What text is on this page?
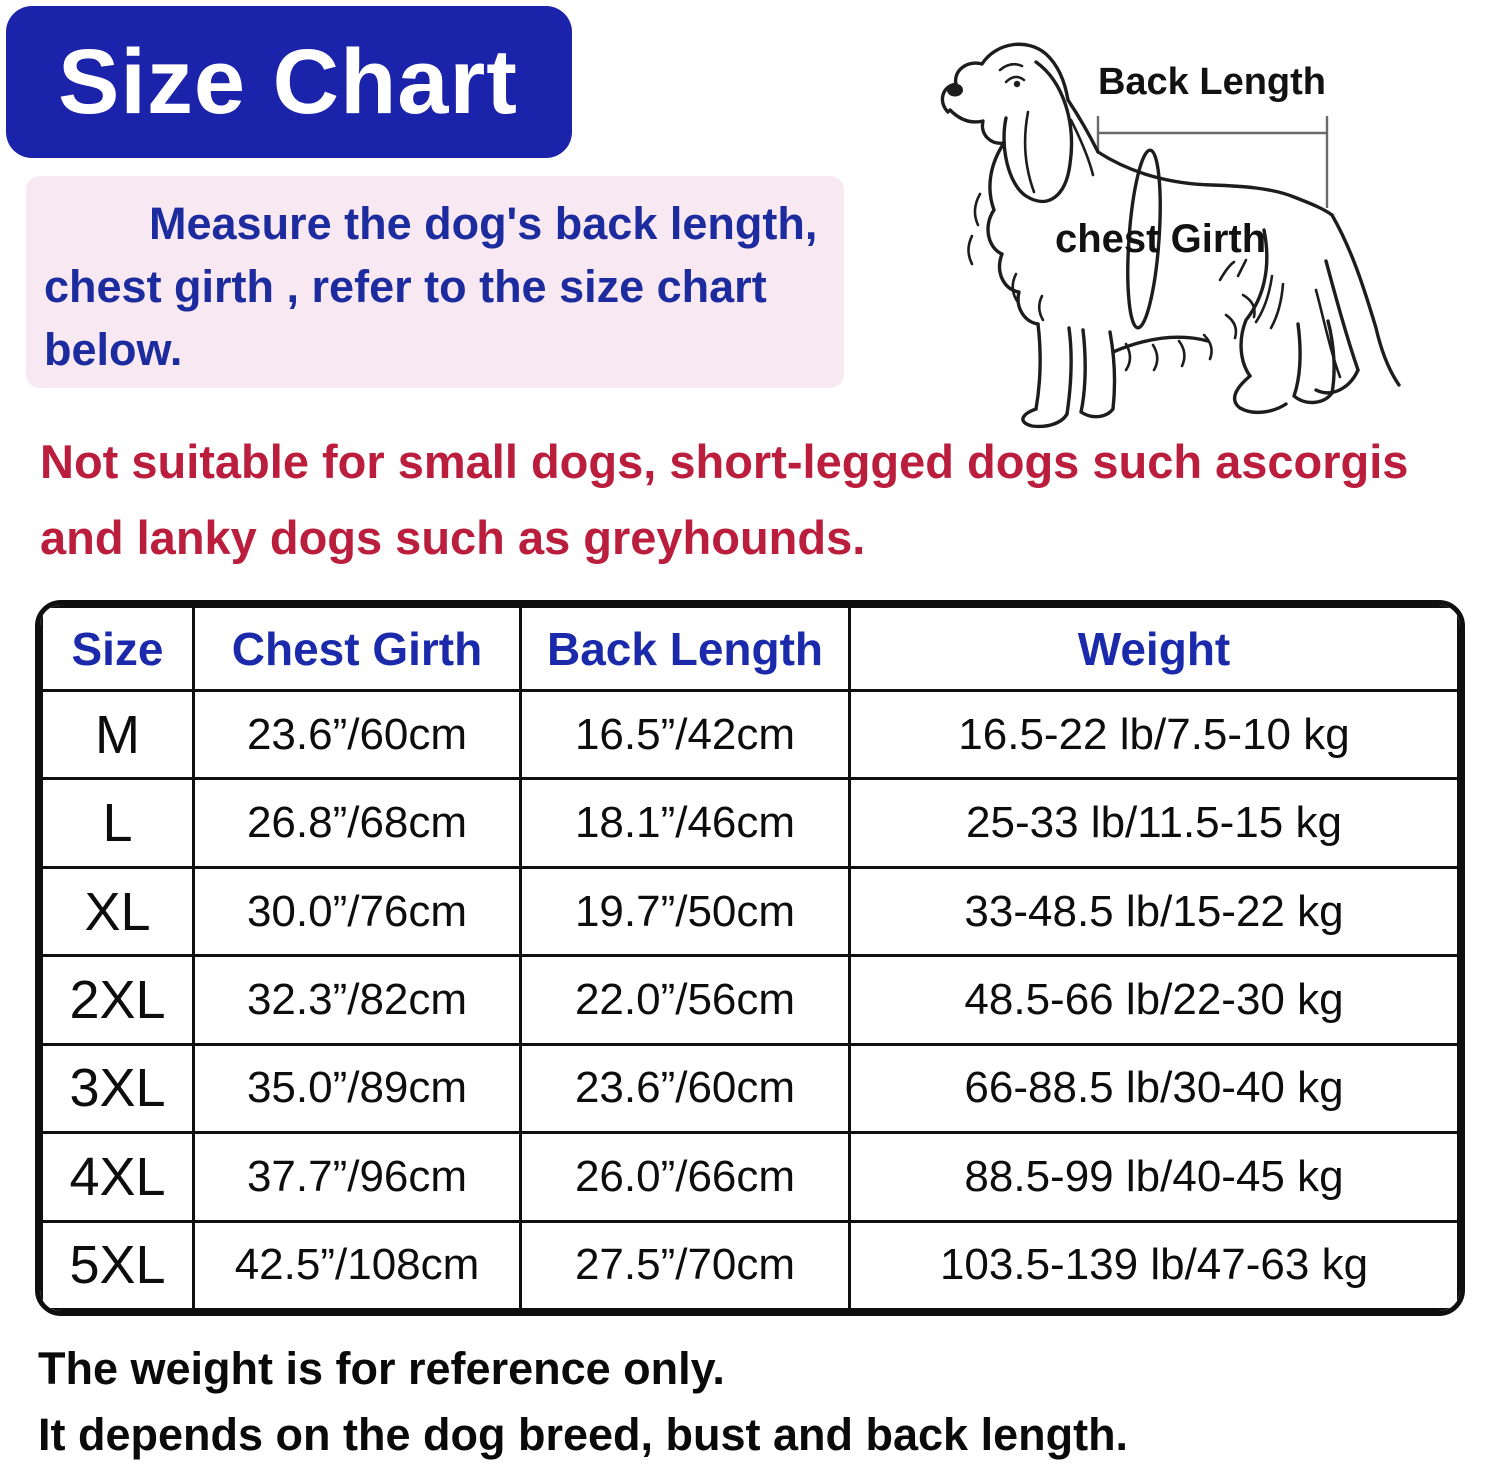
Size Chart
Measure the dog's back length,
chest girth , refer to the size chart
below.
Back Length
chest Girth
Not suitable for small dogs, short-legged dogs such ascorgis
and lanky dogs such as greyhounds.
Size	Chest Girth	Back Length	Weight
M	23.6”/60cm	16.5”/42cm	16.5-22 lb/7.5-10 kg
L	26.8”/68cm	18.1”/46cm	25-33 lb/11.5-15 kg
XL	30.0”/76cm	19.7”/50cm	33-48.5 lb/15-22 kg
2XL	32.3”/82cm	22.0”/56cm	48.5-66 lb/22-30 kg
3XL	35.0”/89cm	23.6”/60cm	66-88.5 lb/30-40 kg
4XL	37.7”/96cm	26.0”/66cm	88.5-99 lb/40-45 kg
5XL	42.5”/108cm	27.5”/70cm	103.5-139 lb/47-63 kg
The weight is for reference only.
It depends on the dog breed, bust and back length.
